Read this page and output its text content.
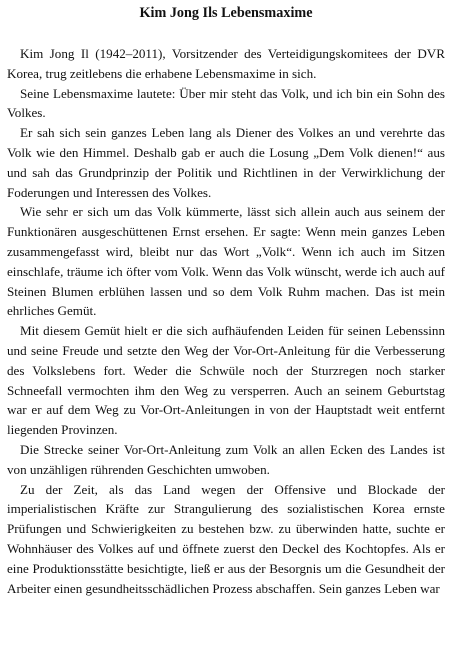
Kim Jong Ils Lebensmaxime

Kim Jong Il (1942–2011), Vorsitzender des Verteidigungskomitees der DVR Korea, trug zeitlebens die erhabene Lebensmaxime in sich.

Seine Lebensmaxime lautete: Über mir steht das Volk, und ich bin ein Sohn des Volkes.

Er sah sich sein ganzes Leben lang als Diener des Volkes an und verehrte das Volk wie den Himmel. Deshalb gab er auch die Losung „Dem Volk dienen!“ aus und sah das Grundprinzip der Politik und Richtlinen in der Verwirklichung der Foderungen und Interessen des Volkes.

Wie sehr er sich um das Volk kümmerte, lässt sich allein auch aus seinem der Funktionären ausgeschüttenen Ernst ersehen. Er sagte: Wenn mein ganzes Leben zusammengefasst wird, bleibt nur das Wort „Volk“. Wenn ich auch im Sitzen einschlafe, träume ich öfter vom Volk. Wenn das Volk wünscht, werde ich auch auf Steinen Blumen erblühen lassen und so dem Volk Ruhm machen. Das ist mein ehrliches Gemüt.

Mit diesem Gemüt hielt er die sich aufhäufenden Leiden für seinen Lebenssinn und seine Freude und setzte den Weg der Vor-Ort-Anleitung für die Verbesserung des Volkslebens fort. Weder die Schwüle noch der Sturzregen noch starker Schneefall vermochten ihm den Weg zu versperren. Auch an seinem Geburtstag war er auf dem Weg zu Vor-Ort-Anleitungen in von der Hauptstadt weit entfernt liegenden Provinzen.

Die Strecke seiner Vor-Ort-Anleitung zum Volk an allen Ecken des Landes ist von unzähligen rührenden Geschichten umwoben.

Zu der Zeit, als das Land wegen der Offensive und Blockade der imperialistischen Kräfte zur Strangulierung des sozialistischen Korea ernste Prüfungen und Schwierigkeiten zu bestehen bzw. zu überwinden hatte, suchte er Wohnhäuser des Volkes auf und öffnete zuerst den Deckel des Kochtopfes. Als er eine Produktionsstätte besichtigte, ließ er aus der Besorgnis um die Gesundheit der Arbeiter einen gesundheitsschädlichen Prozess abschaffen. Sein ganzes Leben war
